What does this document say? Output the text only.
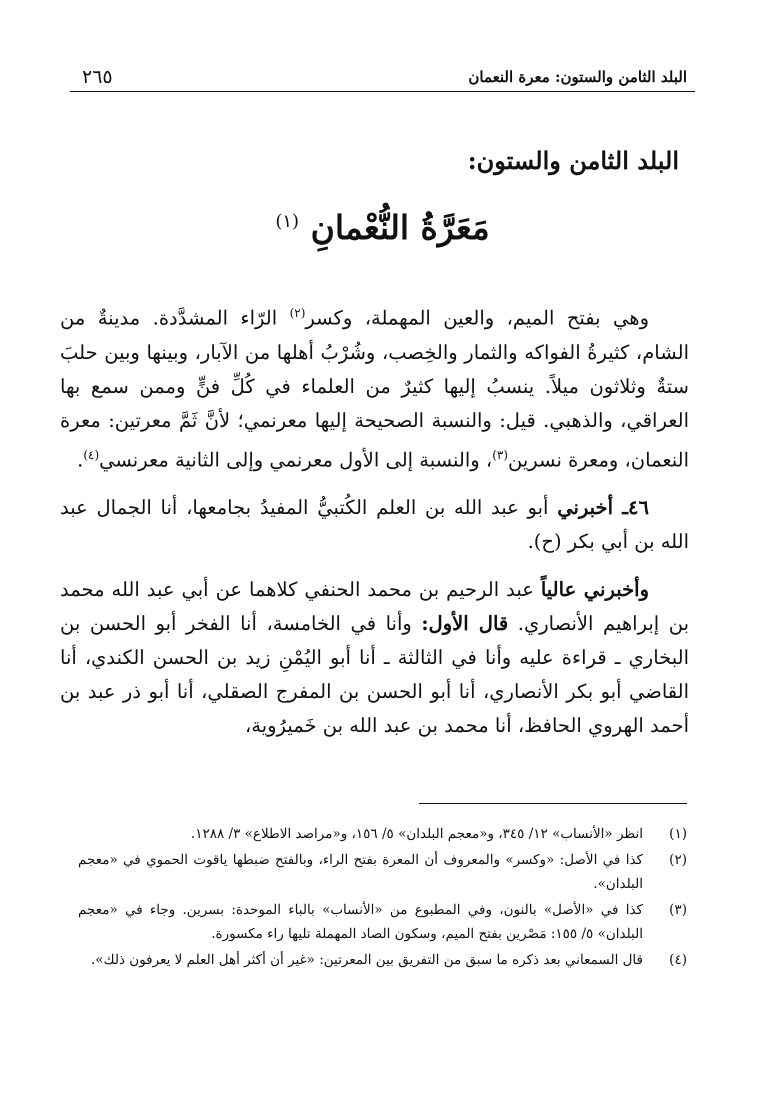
٢٦٥	البلد الثامن والستون: معرة النعمان
البلد الثامن والستون:
مَعَرَّةُ النُّعْمانِ $^{(١)}$

وهي بفتح الميم، والعين المهملة، وكسر$^{(٢)}$ الرّاء المشدَّدة. مدينةٌ من الشام، كثيرةُ الفواكه والثمار والخِصب، وشُرْبُ أهلها من الآبار، وبينها وبين حلبَ ستةٌ وثلاثون ميلاً. ينسبُ إليها كثيرٌ من العلماء في كُلِّ فنٍّ وممن سمع بها العراقي، والذهبي. قيل: والنسبة الصحيحة إليها معرنمي؛ لأنَّ ثَمَّ معرتين: معرة النعمان، ومعرة نسرين$^{(٣)}$، والنسبة إلى الأول معرنمي وإلى الثانية معرنسي$^{(٤)}$.

٤٦ـ أخبرني أبو عبد الله بن العلم الكُتبيُّ المفيدُ بجامعها، أنا الجمال عبد الله بن أبي بكر (ح).

وأخبرني عالياً عبد الرحيم بن محمد الحنفي كلاهما عن أبي عبد الله محمد بن إبراهيم الأنصاري. قال الأول: وأنا في الخامسة، أنا الفخر أبو الحسن بن البخاري ـ قراءة عليه وأنا في الثالثة ـ أنا أبو اليُمْنِ زيد بن الحسن الكندي، أنا القاضي أبو بكر الأنصاري، أنا أبو الحسن بن المفرج الصقلي، أنا أبو ذر عبد بن أحمد الهروي الحافظ، أنا محمد بن عبد الله بن خَميرُوية،

(١)
انظر «الأنساب» ١٢/ ٣٤٥، و«معجم البلدان» ٥/ ١٥٦، و«مراصد الاطلاع» ٣/ ١٢٨٨.
(٢)
كذا في الأصل: «وكسر» والمعروف أن المعرة بفتح الراء، وبالفتح ضبطها ياقوت الحموي في «معجم البلدان».
(٣)
كذا في «الأصل» بالنون، وفي المطبوع من «الأنساب» بالباء الموحدة: بسرين. وجاء في «معجم البلدان» ٥/ ١٥٥: مَصْرين بفتح الميم، وسكون الصاد المهملة تليها راء مكسورة.
(٤)
قال السمعاني بعد ذكره ما سبق من التفريق بين المعرتين: «غير أن أكثر أهل العلم لا يعرفون ذلك».
